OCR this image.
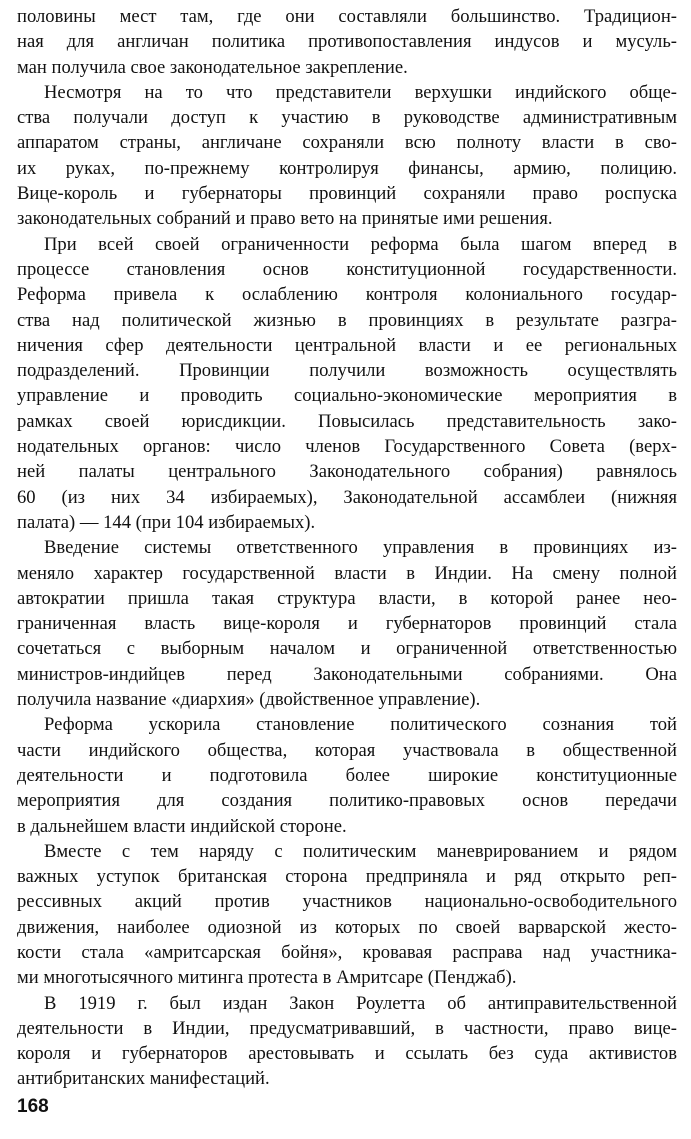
половины мест там, где они составляли большинство. Традицион-
ная для англичан политика противопоставления индусов и мусуль-
ман получила свое законодательное закрепление.
Несмотря на то что представители верхушки индийского обще-
ства получали доступ к участию в руководстве административным
аппаратом страны, англичане сохраняли всю полноту власти в сво-
их руках, по-прежнему контролируя финансы, армию, полицию.
Вице-король и губернаторы провинций сохраняли право роспуска
законодательных собраний и право вето на принятые ими решения.
При всей своей ограниченности реформа была шагом вперед в
процессе становления основ конституционной государственности.
Реформа привела к ослаблению контроля колониального государ-
ства над политической жизнью в провинциях в результате разгра-
ничения сфер деятельности центральной власти и ее региональных
подразделений. Провинции получили возможность осуществлять
управление и проводить социально-экономические мероприятия в
рамках своей юрисдикции. Повысилась представительность зако-
нодательных органов: число членов Государственного Совета (верх-
ней палаты центрального Законодательного собрания) равнялось
60 (из них 34 избираемых), Законодательной ассамблеи (нижняя
палата) — 144 (при 104 избираемых).
Введение системы ответственного управления в провинциях из-
меняло характер государственной власти в Индии. На смену полной
автократии пришла такая структура власти, в которой ранее нео-
граниченная власть вице-короля и губернаторов провинций стала
сочетаться с выборным началом и ограниченной ответственностью
министров-индийцев перед Законодательными собраниями. Она
получила название «диархия» (двойственное управление).
Реформа ускорила становление политического сознания той
части индийского общества, которая участвовала в общественной
деятельности и подготовила более широкие конституционные
мероприятия для создания политико-правовых основ передачи
в дальнейшем власти индийской стороне.
Вместе с тем наряду с политическим маневрированием и рядом
важных уступок британская сторона предприняла и ряд открыто реп-
рессивных акций против участников национально-освободительного
движения, наиболее одиозной из которых по своей варварской жесто-
кости стала «амритсарская бойня», кровавая расправа над участника-
ми многотысячного митинга протеста в Амритсаре (Пенджаб).
В 1919 г. был издан Закон Роулетта об антиправительственной
деятельности в Индии, предусматривавший, в частности, право вице-
короля и губернаторов арестовывать и ссылать без суда активистов
антибританских манифестаций.
168
